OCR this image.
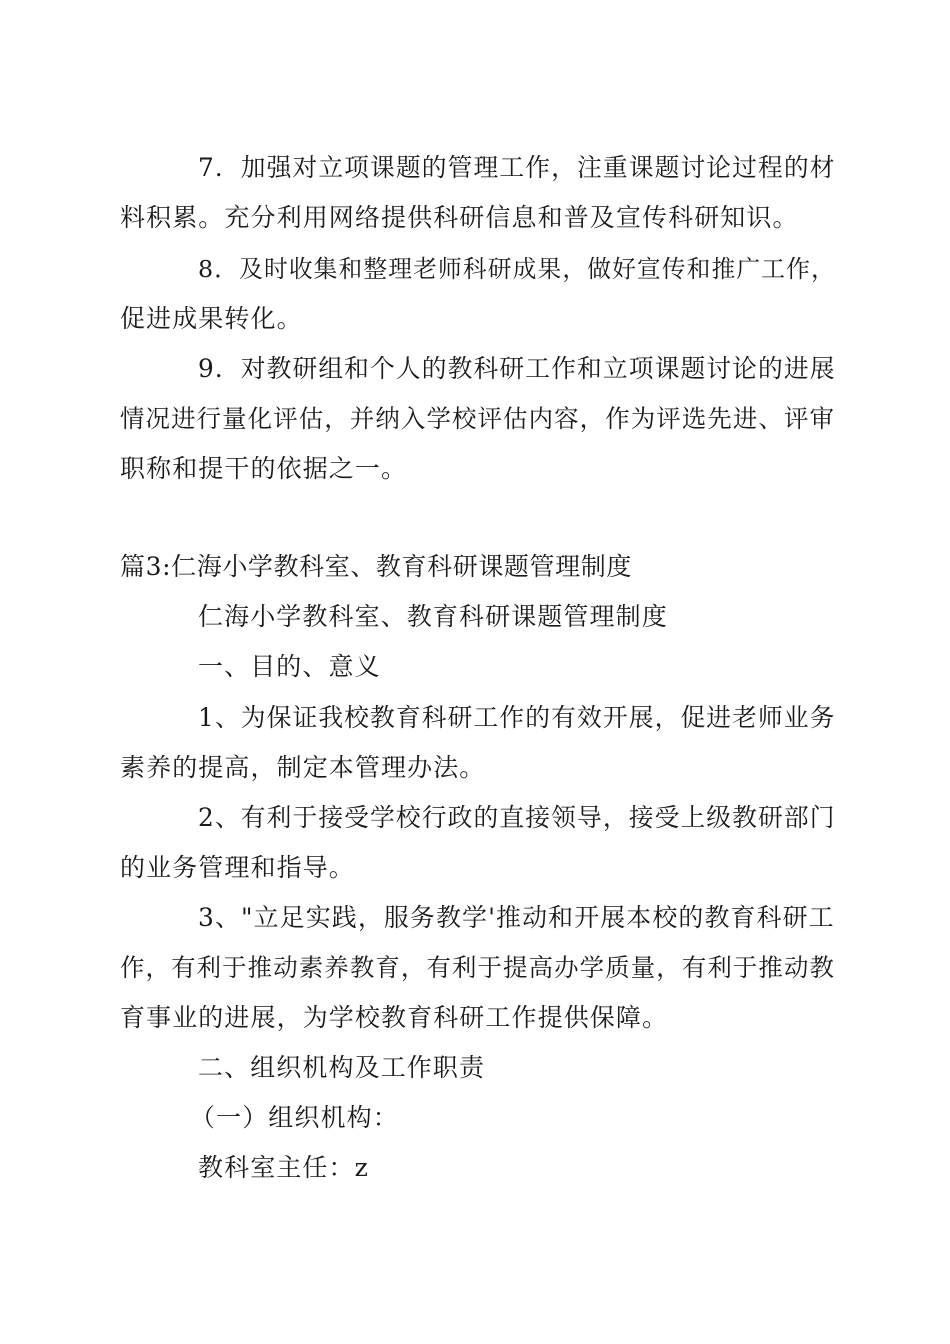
7．加强对立项课题的管理工作，注重课题讨论过程的材
料积累。充分利用网络提供科研信息和普及宣传科研知识。
8．及时收集和整理老师科研成果，做好宣传和推广工作，
促进成果转化。
9．对教研组和个人的教科研工作和立项课题讨论的进展
情况进行量化评估，并纳入学校评估内容，作为评选先进、评审
职称和提干的依据之一。
篇3:仁海小学教科室、教育科研课题管理制度
仁海小学教科室、教育科研课题管理制度
一、目的、意义
1、为保证我校教育科研工作的有效开展，促进老师业务
素养的提高，制定本管理办法。
2、有利于接受学校行政的直接领导，接受上级教研部门
的业务管理和指导。
3、"立足实践，服务教学'推动和开展本校的教育科研工
作，有利于推动素养教育，有利于提高办学质量，有利于推动教
育事业的进展，为学校教育科研工作提供保障。
二、组织机构及工作职责
（一）组织机构：
教科室主任：z
